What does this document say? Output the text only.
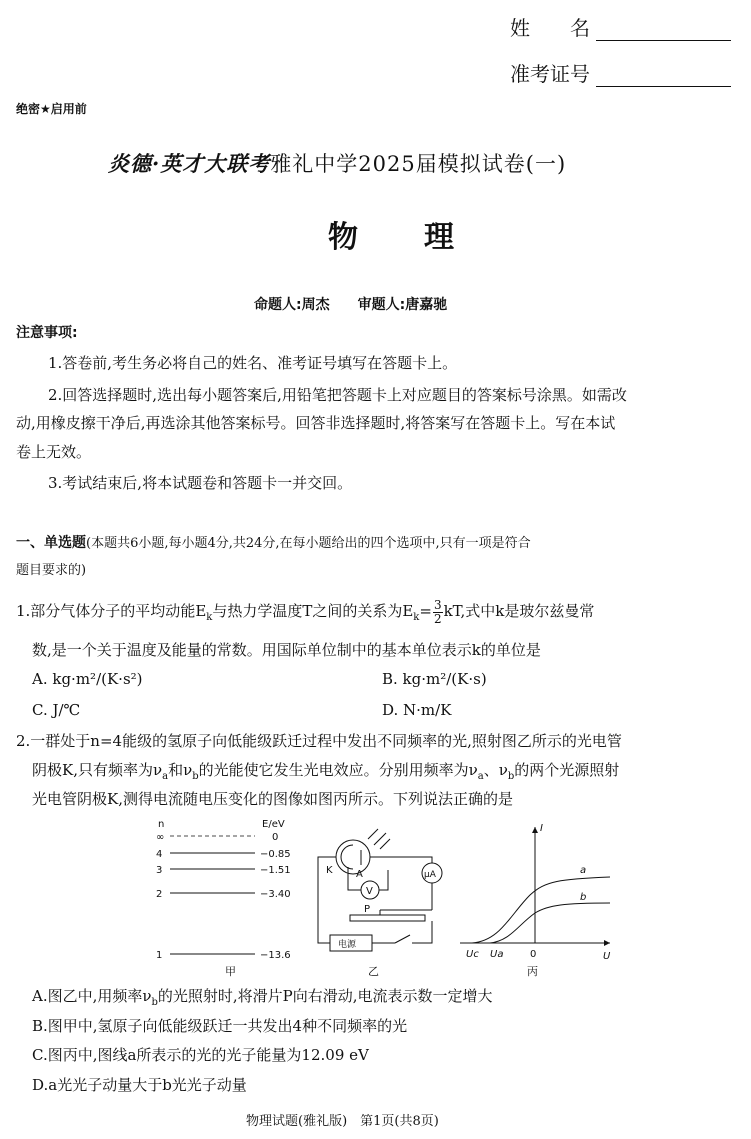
姓　　名
准考证号
绝密★启用前
炎德·英才大联考雅礼中学2025届模拟试卷(一)
物　　理
命题人:周杰　　审题人:唐嘉驰
注意事项:
1.答卷前,考生务必将自己的姓名、准考证号填写在答题卡上。
2.回答选择题时,选出每小题答案后,用铅笔把答题卡上对应题目的答案标号涂黑。如需改
动,用橡皮擦干净后,再选涂其他答案标号。回答非选择题时,将答案写在答题卡上。写在本试
卷上无效。
3.考试结束后,将本试题卷和答题卡一并交回。
一、单选题(本题共6小题,每小题4分,共24分,在每小题给出的四个选项中,只有一项是符合
题目要求的)
1.部分气体分子的平均动能$E_k$与热力学温度T之间的关系为$E_k= \frac{3}{2}$ kT,式中k是玻尔兹曼常
数,是一个关于温度及能量的常数。用国际单位制中的基本单位表示k的单位是
A. kg·m²/(K·s²)	B. kg·m²/(K·s)
C. J/℃	D. N·m/K
2.一群处于n=4能级的氢原子向低能级跃迁过程中发出不同频率的光,照射图乙所示的光电管
阴极K,只有频率为$\nu_a$和$\nu_b$的光能使它发生光电效应。分别用频率为$\nu_a$、$\nu_b$的两个光源照射
光电管阴极K,测得电流随电压变化的图像如图丙所示。下列说法正确的是
n	E/eV
∞	0
4	−0.85
3	−1.51
2	−3.40
1	−13.6
甲
K A
V
μA
P
电源
乙
I
U
0
Uc Ua
a
b
丙
A.图乙中,用频率$\nu_b$的光照射时,将滑片P向右滑动,电流表示数一定增大
B.图甲中,氢原子向低能级跃迁一共发出4种不同频率的光
C.图丙中,图线a所表示的光的光子能量为12.09 eV
D.a光光子动量大于b光光子动量
物理试题(雅礼版)　第1页(共8页)
